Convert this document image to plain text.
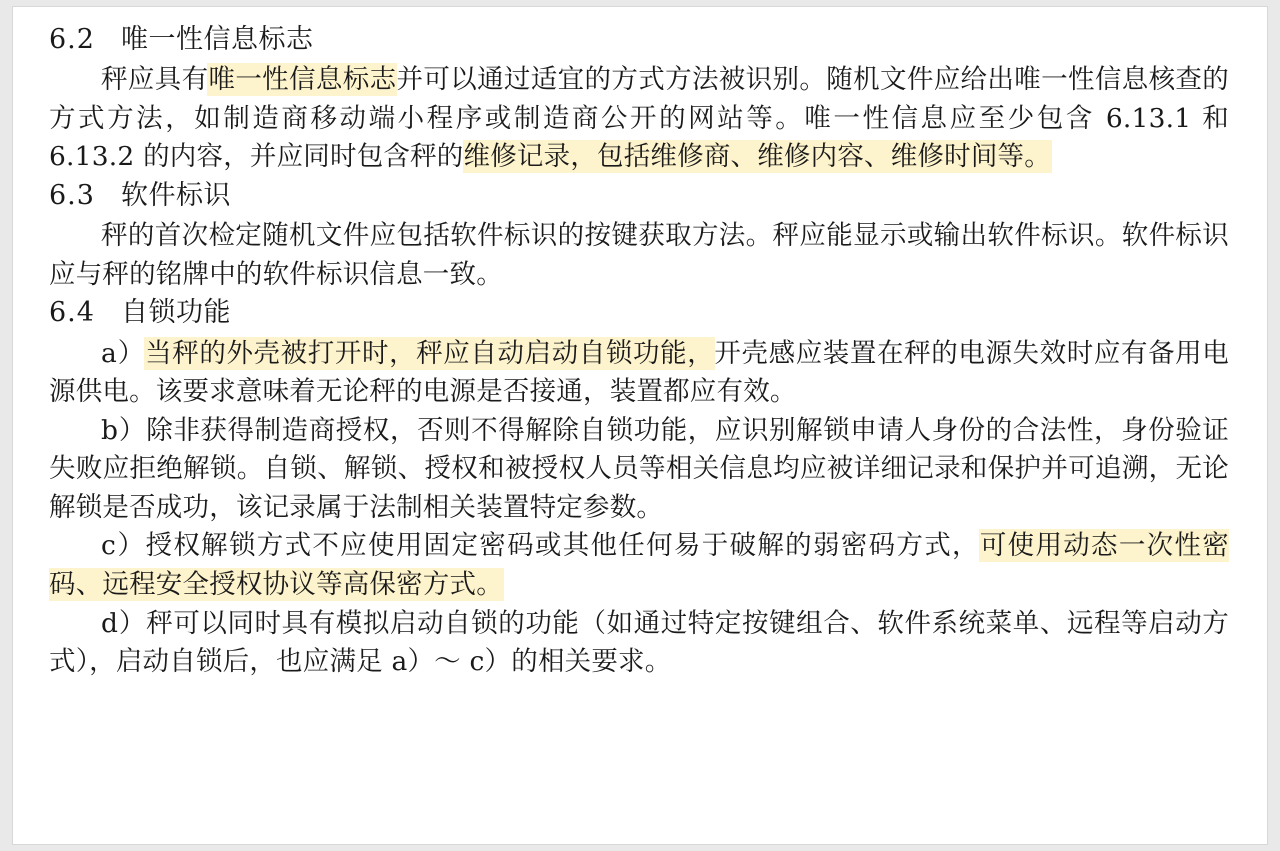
6.2 唯一性信息标志

秤应具有唯一性信息标志并可以通过适宜的方式方法被识别。随机文件应给出唯一性信息核查的方式方法，如制造商移动端小程序或制造商公开的网站等。唯一性信息应至少包含 6.13.1 和 6.13.2 的内容，并应同时包含秤的维修记录，包括维修商、维修内容、维修时间等。

6.3 软件标识

秤的首次检定随机文件应包括软件标识的按键获取方法。秤应能显示或输出软件标识。软件标识应与秤的铭牌中的软件标识信息一致。

6.4 自锁功能

a）当秤的外壳被打开时，秤应自动启动自锁功能，开壳感应装置在秤的电源失效时应有备用电源供电。该要求意味着无论秤的电源是否接通，装置都应有效。

b）除非获得制造商授权，否则不得解除自锁功能，应识别解锁申请人身份的合法性，身份验证失败应拒绝解锁。自锁、解锁、授权和被授权人员等相关信息均应被详细记录和保护并可追溯，无论解锁是否成功，该记录属于法制相关装置特定参数。

c）授权解锁方式不应使用固定密码或其他任何易于破解的弱密码方式，可使用动态一次性密码、远程安全授权协议等高保密方式。

d）秤可以同时具有模拟启动自锁的功能（如通过特定按键组合、软件系统菜单、远程等启动方式），启动自锁后，也应满足 a）～ c）的相关要求。
